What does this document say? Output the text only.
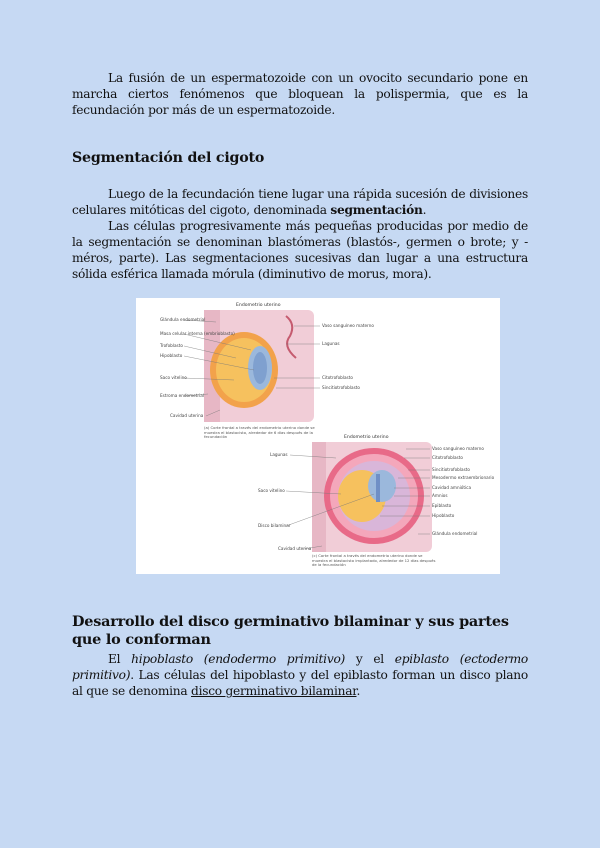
La fusión de un espermatozoide con un ovocito secundario pone en marcha ciertos fenómenos que bloquean la polispermia, que es la fecundación por más de un espermatozoide.

Segmentación del cigoto

Luego de la fecundación tiene lugar una rápida sucesión de divisiones celulares mitóticas del cigoto, denominada segmentación.

Las células progresivamente más pequeñas producidas por medio de la segmentación se denominan blastómeras (blastós-, germen o brote; y -méros, parte). Las segmentaciones sucesivas dan lugar a una estructura sólida esférica llamada mórula (diminutivo de morus, mora).

Desarrollo del disco germinativo bilaminar y sus partes que lo conforman

El hipoblasto (endodermo primitivo) y el epiblasto (ectodermo primitivo). Las células del hipoblasto y del epiblasto forman un disco plano al que se denomina disco germinativo bilaminar.

Endometrio uterino
Glándula endometrial
Masa celular interna (embrioblasto)
Trofoblasto
Hipoblasto
Saco vitelino
Estroma endometrial
Cavidad uterina
Vaso sanguíneo materno
Lagunas
Citotrofoblasto
Sincitiotrofoblasto
(a) Corte frontal a través del endometrio uterino donde se muestra el blastocisto, alrededor de 6 días después de la fecundación	Endometrio uterino
Lagunas
Saco vitelino
Disco bilaminar
Cavidad uterina
Vaso sanguíneo materno
Citotrofoblasto
Sincitiotrofoblasto
Mesodermo extraembrionario
Cavidad amniótica
Amnios
Epiblasto
Hipoblasto
Glándula endometrial
(c) Corte frontal a través del endometrio uterino donde se muestra el blastocisto implantado, alrededor de 12 días después de la fecundación
